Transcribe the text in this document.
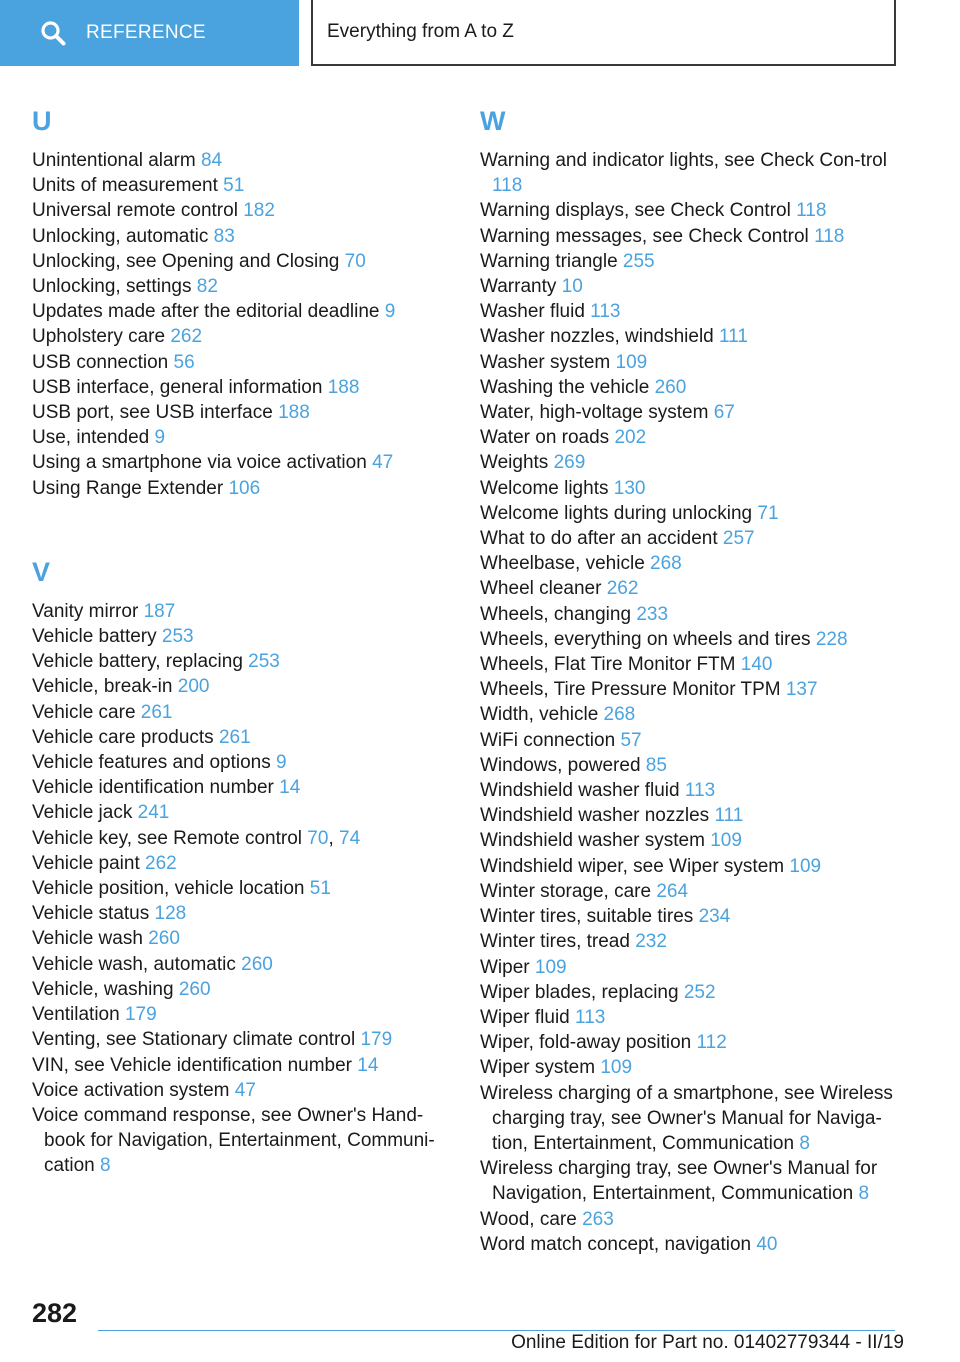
REFERENCE	Everything from A to Z
U
Unintentional alarm 84
Units of measurement 51
Universal remote control 182
Unlocking, automatic 83
Unlocking, see Opening and Closing 70
Unlocking, settings 82
Updates made after the editorial deadline 9
Upholstery care 262
USB connection 56
USB interface, general information 188
USB port, see USB interface 188
Use, intended 9
Using a smartphone via voice activation 47
Using Range Extender 106
V
Vanity mirror 187
Vehicle battery 253
Vehicle battery, replacing 253
Vehicle, break-in 200
Vehicle care 261
Vehicle care products 261
Vehicle features and options 9
Vehicle identification number 14
Vehicle jack 241
Vehicle key, see Remote control 70, 74
Vehicle paint 262
Vehicle position, vehicle location 51
Vehicle status 128
Vehicle wash 260
Vehicle wash, automatic 260
Vehicle, washing 260
Ventilation 179
Venting, see Stationary climate control 179
VIN, see Vehicle identification number 14
Voice activation system 47
Voice command response, see Owner's Hand-book for Navigation, Entertainment, Communi-cation 8
W
Warning and indicator lights, see Check Con-trol 118
Warning displays, see Check Control 118
Warning messages, see Check Control 118
Warning triangle 255
Warranty 10
Washer fluid 113
Washer nozzles, windshield 111
Washer system 109
Washing the vehicle 260
Water, high-voltage system 67
Water on roads 202
Weights 269
Welcome lights 130
Welcome lights during unlocking 71
What to do after an accident 257
Wheelbase, vehicle 268
Wheel cleaner 262
Wheels, changing 233
Wheels, everything on wheels and tires 228
Wheels, Flat Tire Monitor FTM 140
Wheels, Tire Pressure Monitor TPM 137
Width, vehicle 268
WiFi connection 57
Windows, powered 85
Windshield washer fluid 113
Windshield washer nozzles 111
Windshield washer system 109
Windshield wiper, see Wiper system 109
Winter storage, care 264
Winter tires, suitable tires 234
Winter tires, tread 232
Wiper 109
Wiper blades, replacing 252
Wiper fluid 113
Wiper, fold-away position 112
Wiper system 109
Wireless charging of a smartphone, see Wireless charging tray, see Owner's Manual for Naviga-tion, Entertainment, Communication 8
Wireless charging tray, see Owner's Manual for Navigation, Entertainment, Communication 8
Wood, care 263
Word match concept, navigation 40
282
Online Edition for Part no. 01402779344 - II/19
